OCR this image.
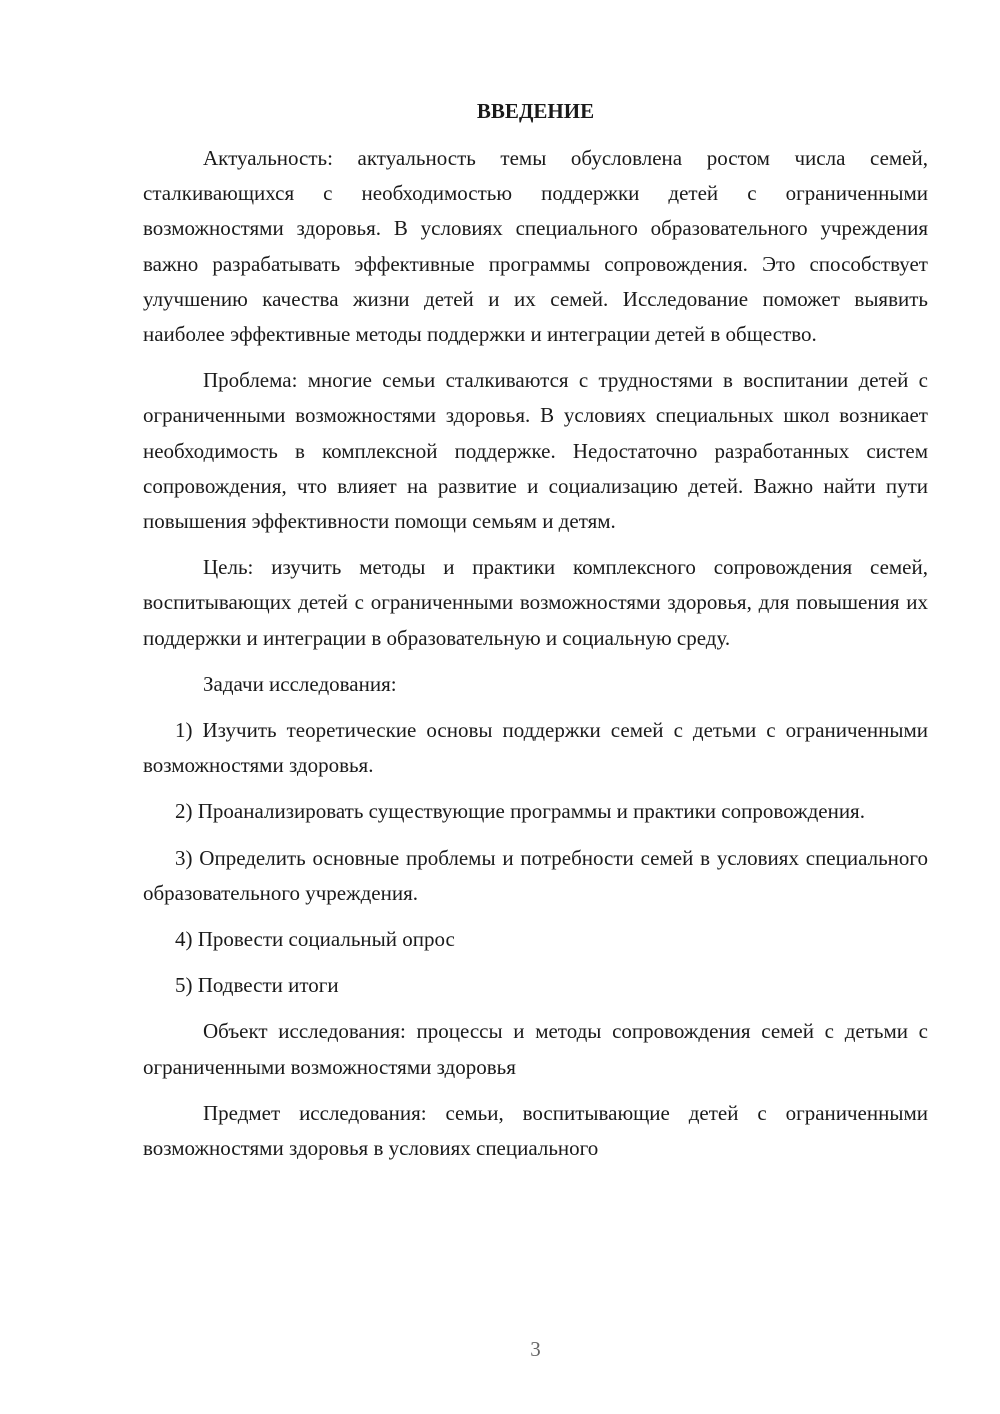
ВВЕДЕНИЕ

Актуальность: актуальность темы обусловлена ростом числа семей, сталкивающихся с необходимостью поддержки детей с ограниченными возможностями здоровья. В условиях специального образовательного учреждения важно разрабатывать эффективные программы сопровождения. Это способствует улучшению качества жизни детей и их семей. Исследование поможет выявить наиболее эффективные методы поддержки и интеграции детей в общество.

Проблема: многие семьи сталкиваются с трудностями в воспитании детей с ограниченными возможностями здоровья. В условиях специальных школ возникает необходимость в комплексной поддержке. Недостаточно разработанных систем сопровождения, что влияет на развитие и социализацию детей. Важно найти пути повышения эффективности помощи семьям и детям.

Цель: изучить методы и практики комплексного сопровождения семей, воспитывающих детей с ограниченными возможностями здоровья, для повышения их поддержки и интеграции в образовательную и социальную среду.

Задачи исследования:

1) Изучить теоретические основы поддержки семей с детьми с ограниченными возможностями здоровья.

2) Проанализировать существующие программы и практики сопровождения.

3) Определить основные проблемы и потребности семей в условиях специального образовательного учреждения.

4) Провести социальный опрос

5) Подвести итоги

Объект исследования: процессы и методы сопровождения семей с детьми с ограниченными возможностями здоровья

Предмет исследования: семьи, воспитывающие детей с ограниченными возможностями здоровья в условиях специального

3
